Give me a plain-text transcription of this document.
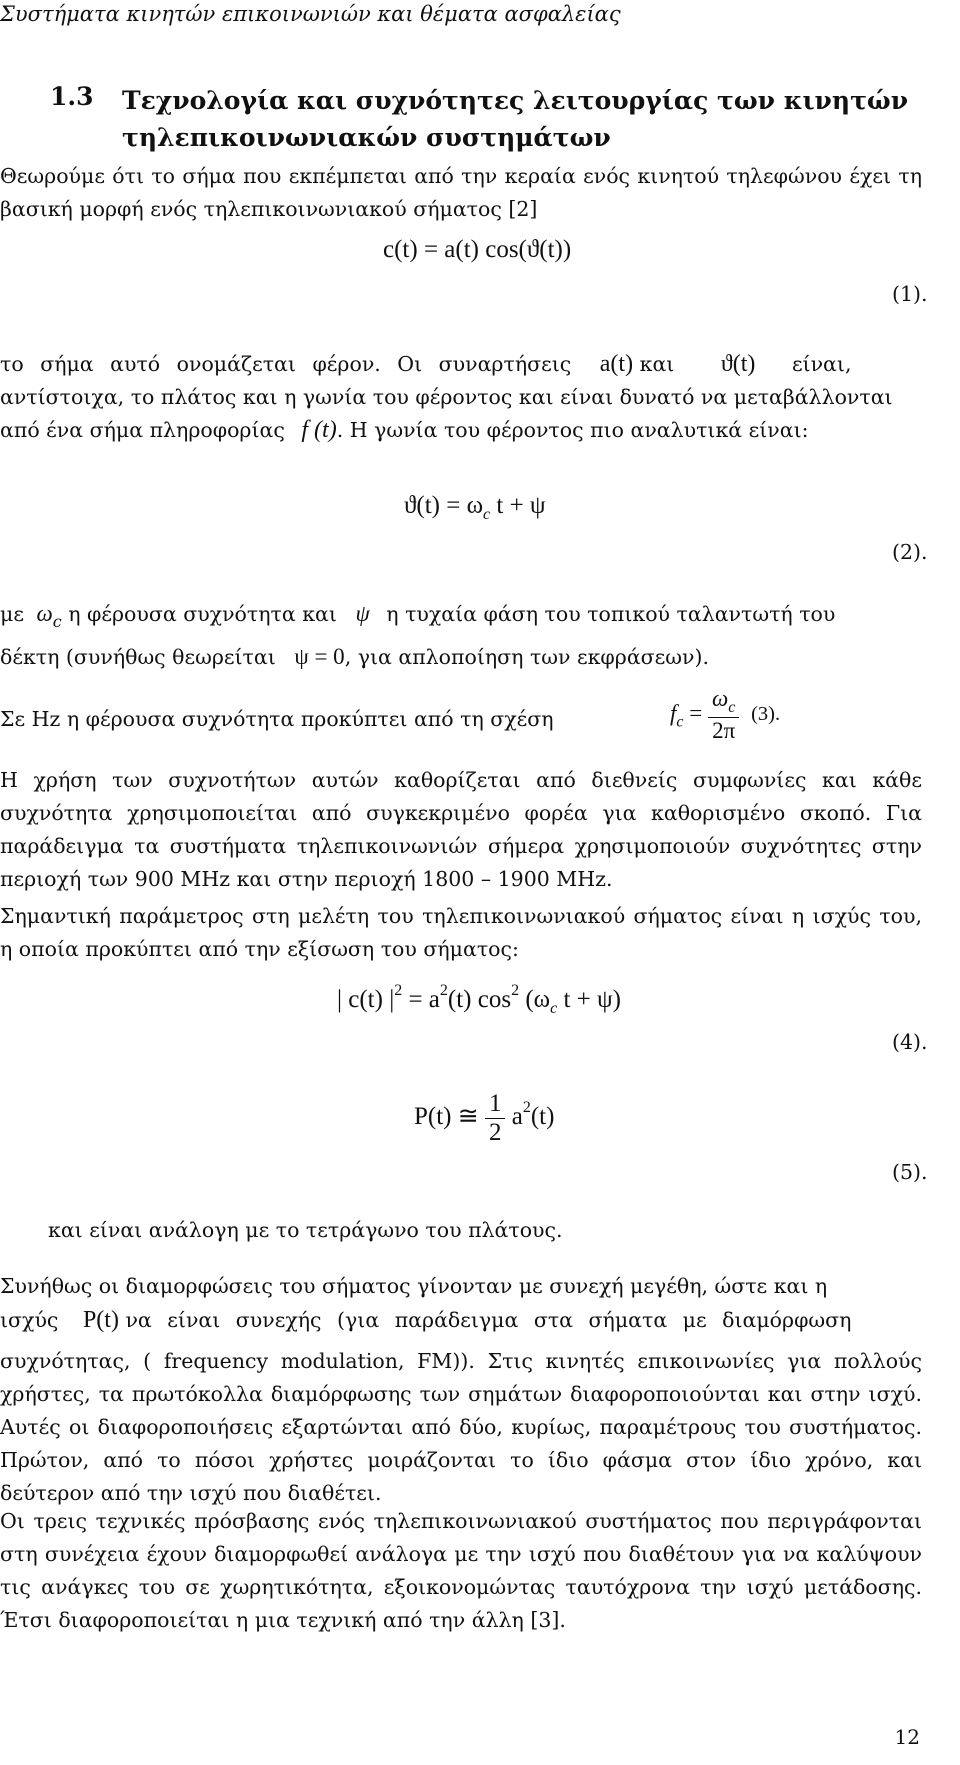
Συστήματα κινητών επικοινωνιών και θέματα ασφαλείας
1.3 Τεχνολογία και συχνότητες λειτουργίας των κινητών τηλεπικοινωνιακών συστημάτων
Θεωρούμε ότι το σήμα που εκπέμπεται από την κεραία ενός κινητού τηλεφώνου έχει τη βασική μορφή ενός τηλεπικοινωνιακού σήματος [2]
c(t) = a(t) cos(ϑ(t))
(1).
το σήμα αυτό ονομάζεται φέρον. Οι συναρτήσεις a(t) και ϑ(t) είναι,
αντίστοιχα, το πλάτος και η γωνία του φέροντος και είναι δυνατό να μεταβάλλονται
από ένα σήμα πληροφορίας f (t). Η γωνία του φέροντος πιο αναλυτικά είναι:
$ϑ(t) = \omega_c$ t + ψ
(2).
με $\omega_c$ η φέρουσα συχνότητα και ψ η τυχαία φάση του τοπικού ταλαντωτή του
δέκτη (συνήθως θεωρείται ψ = 0, για απλοποίηση των εκφράσεων).
Σε Hz η φέρουσα συχνότητα προκύπτει από τη σχέση	$f_c = \frac{\omega_c}{2\pi} (3)$.
Η χρήση των συχνοτήτων αυτών καθορίζεται από διεθνείς συμφωνίες και κάθε συχνότητα χρησιμοποιείται από συγκεκριμένο φορέα για καθορισμένο σκοπό. Για παράδειγμα τα συστήματα τηλεπικοινωνιών σήμερα χρησιμοποιούν συχνότητες στην περιοχή των 900 MHz και στην περιοχή 1800 – 1900 MHz.
Σημαντική παράμετρος στη μελέτη του τηλεπικοινωνιακού σήματος είναι η ισχύς του, η οποία προκύπτει από την εξίσωση του σήματος:
| c(t) $|^2 = a^2(t)$ $\cos^2 (\omega_c$ t + ψ)
(4).
P(t) ≅ $\frac{1}{2} a^2(t)$
(5).
και είναι ανάλογη με το τετράγωνο του πλάτους.
Συνήθως οι διαμορφώσεις του σήματος γίνονταν με συνεχή μεγέθη, ώστε και η
ισχύς P(t) να είναι συνεχής (για παράδειγμα στα σήματα με διαμόρφωση
συχνότητας, ( frequency modulation, FM)). Στις κινητές επικοινωνίες για πολλούς χρήστες, τα πρωτόκολλα διαμόρφωσης των σημάτων διαφοροποιούνται και στην ισχύ. Αυτές οι διαφοροποιήσεις εξαρτώνται από δύο, κυρίως, παραμέτρους του συστήματος. Πρώτον, από το πόσοι χρήστες μοιράζονται το ίδιο φάσμα στον ίδιο χρόνο, και δεύτερον από την ισχύ που διαθέτει.
Οι τρεις τεχνικές πρόσβασης ενός τηλεπικοινωνιακού συστήματος που περιγράφονται στη συνέχεια έχουν διαμορφωθεί ανάλογα με την ισχύ που διαθέτουν για να καλύψουν τις ανάγκες του σε χωρητικότητα, εξοικονομώντας ταυτόχρονα την ισχύ μετάδοσης. Έτσι διαφοροποιείται η μια τεχνική από την άλλη [3].
12
